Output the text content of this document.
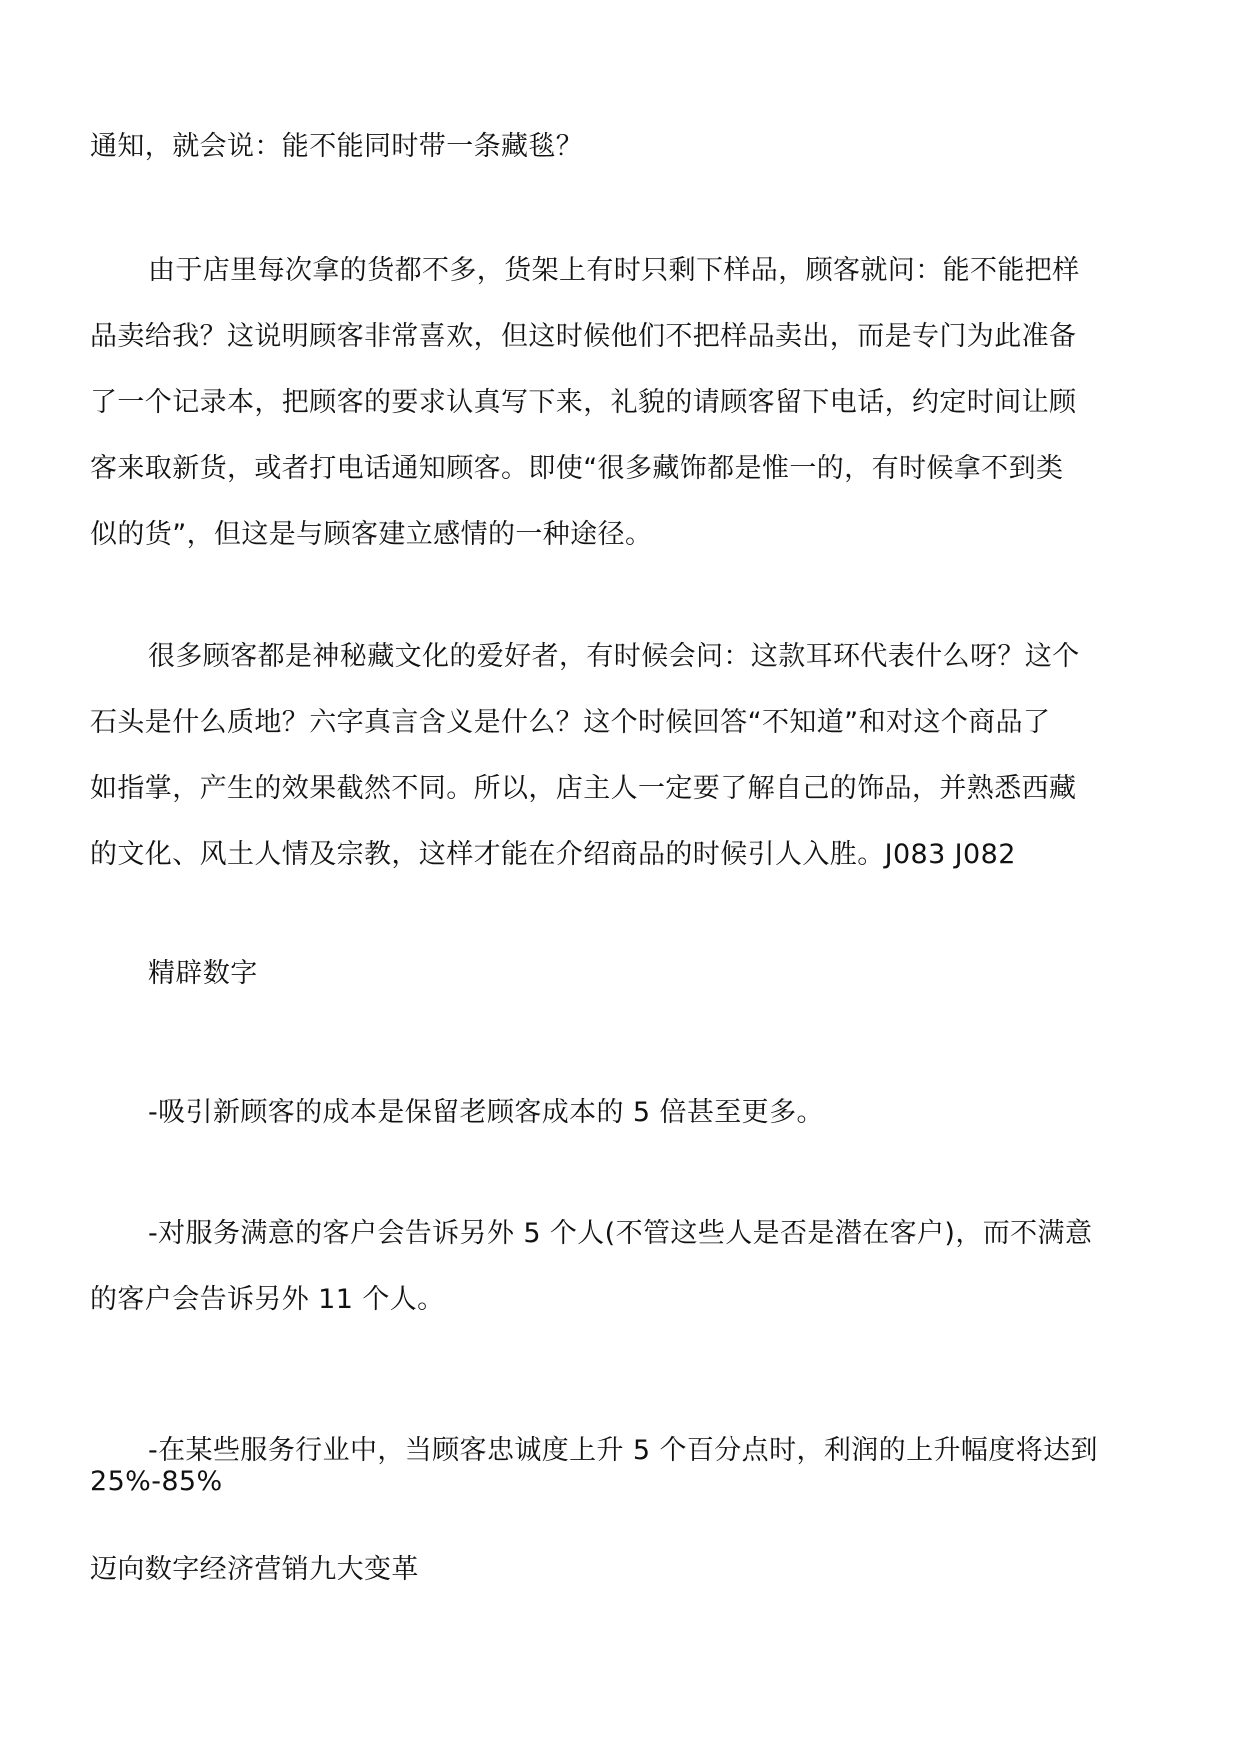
通知，就会说：能不能同时带一条藏毯？

由于店里每次拿的货都不多，货架上有时只剩下样品，顾客就问：能不能把样
品卖给我？这说明顾客非常喜欢，但这时候他们不把样品卖出，而是专门为此准备
了一个记录本，把顾客的要求认真写下来，礼貌的请顾客留下电话，约定时间让顾
客来取新货，或者打电话通知顾客。即使“很多藏饰都是惟一的，有时候拿不到类
似的货”，但这是与顾客建立感情的一种途径。

很多顾客都是神秘藏文化的爱好者，有时候会问：这款耳环代表什么呀？这个
石头是什么质地？六字真言含义是什么？这个时候回答“不知道”和对这个商品了
如指掌，产生的效果截然不同。所以，店主人一定要了解自己的饰品，并熟悉西藏
的文化、风土人情及宗教，这样才能在介绍商品的时候引人入胜。J083 J082

精辟数字

-吸引新顾客的成本是保留老顾客成本的 5 倍甚至更多。

-对服务满意的客户会告诉另外 5 个人(不管这些人是否是潜在客户)，而不满意
的客户会告诉另外 11 个人。

-在某些服务行业中，当顾客忠诚度上升 5 个百分点时，利润的上升幅度将达到

25%-85%

迈向数字经济营销九大变革
